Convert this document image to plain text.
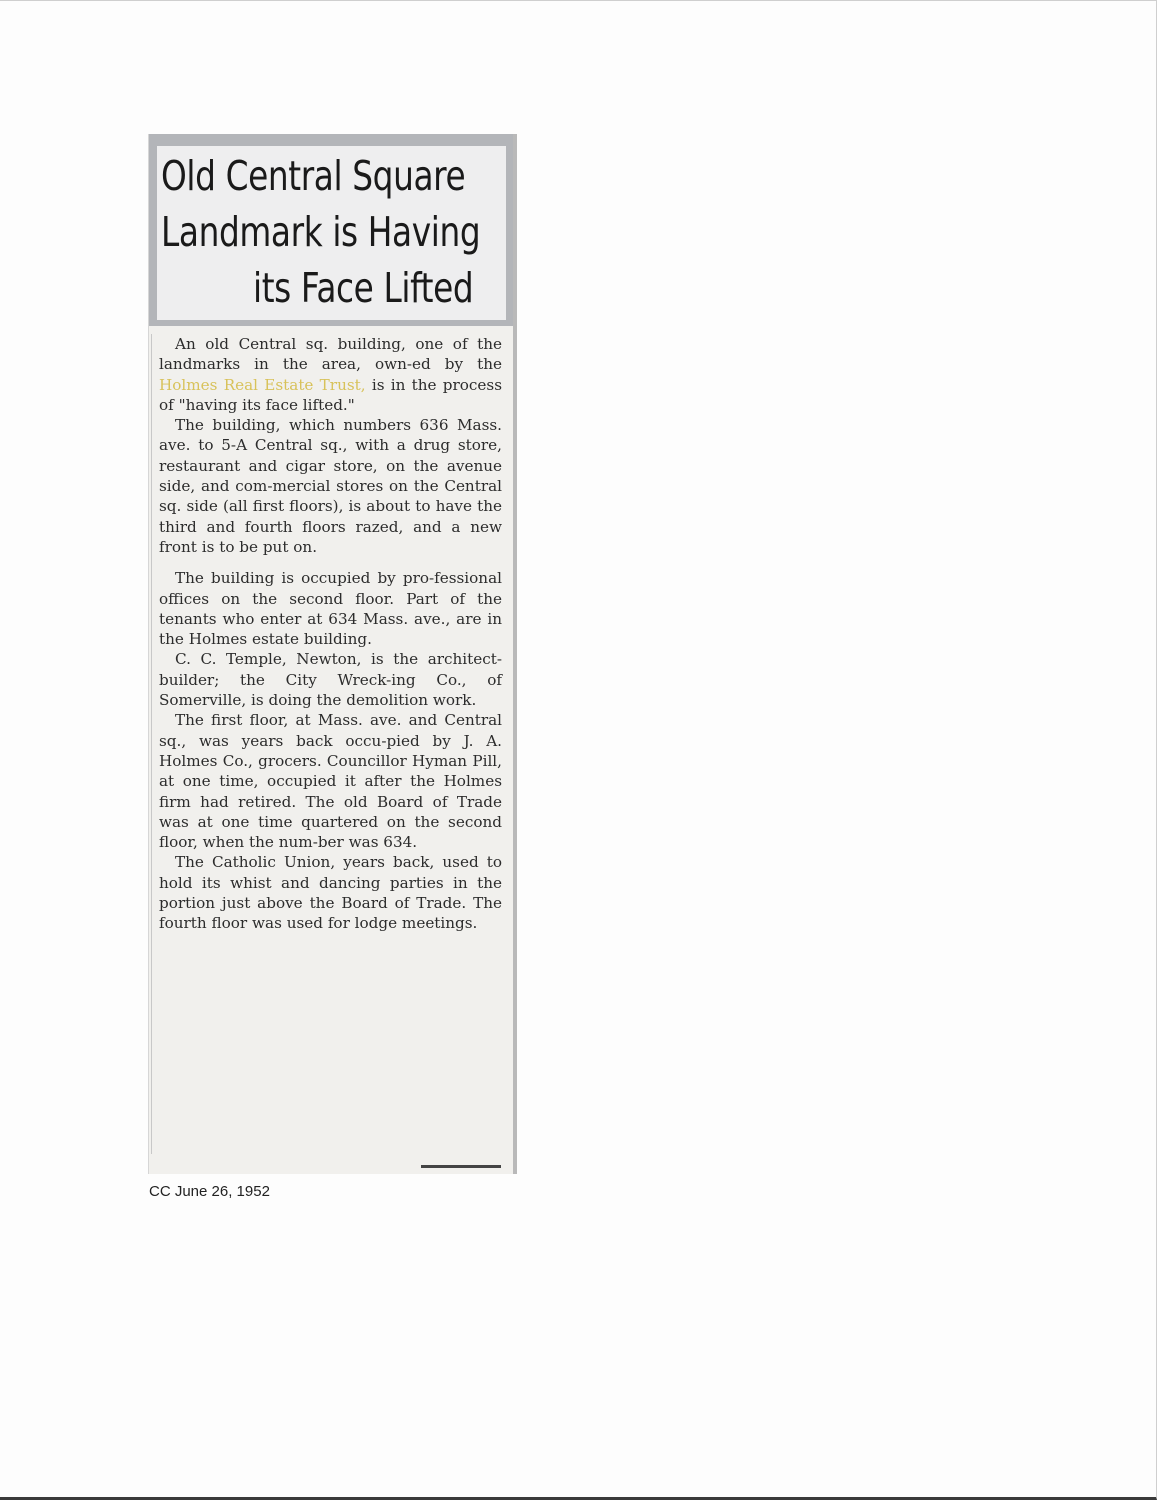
Old Central Square
Landmark is Having
its Face Lifted

An old Central sq. building, one of the landmarks in the area, own-ed by the Holmes Real Estate Trust, is in the process of "having its face lifted."

The building, which numbers 636 Mass. ave. to 5-A Central sq., with a drug store, restaurant and cigar store, on the avenue side, and com-mercial stores on the Central sq. side (all first floors), is about to have the third and fourth floors razed, and a new front is to be put on.

The building is occupied by pro-fessional offices on the second floor. Part of the tenants who enter at 634 Mass. ave., are in the Holmes estate building.

C. C. Temple, Newton, is the architect-builder; the City Wreck-ing Co., of Somerville, is doing the demolition work.

The first floor, at Mass. ave. and Central sq., was years back occu-pied by J. A. Holmes Co., grocers. Councillor Hyman Pill, at one time, occupied it after the Holmes firm had retired. The old Board of Trade was at one time quartered on the second floor, when the num-ber was 634.

The Catholic Union, years back, used to hold its whist and dancing parties in the portion just above the Board of Trade. The fourth floor was used for lodge meetings.

CC June 26, 1952
